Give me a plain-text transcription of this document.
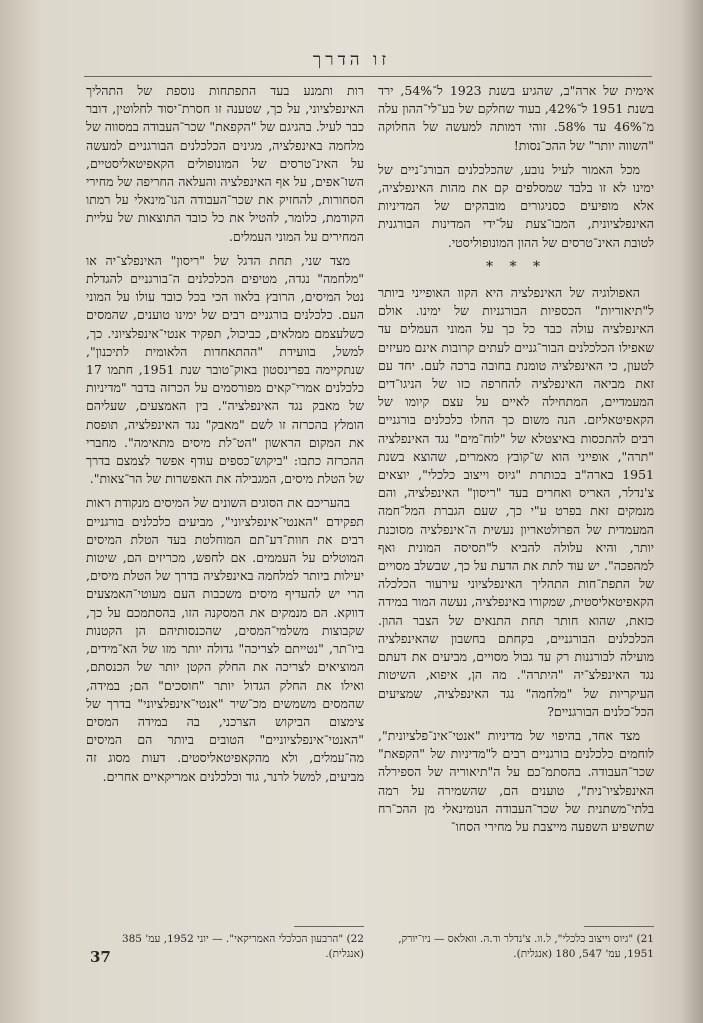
זו הדרך

אימית של ארה"ב, שהגיע בשנת 1923 ל־54%, ירד בשנת 1951 ל־42%, בעוד שחלקם של בע־לי־ההון עלה מ־46% עד 58%. זוהי דמותה למעשה של החלוקה "השווה יותר" של ההכ־נסות!

מכל האמור לעיל נובע, שהכלכלנים הבורג־ניים של ימינו לא זו בלבד שמסלפים קם את מהות האינפלציה, אלא מופיעים כסניגורים מובהקים של המדיניות האינפלציונית, המבו־צעת על־ידי המדינות הבורגנית לטובת האינ־טרסים של ההון המונופוליסטי.

* * *

האפולוגיה של האינפלציה היא הקוו האופייני ביותר ל"תיאוריות" הכספיות הבורגניות של ימינו. אולם האינפלציה עולה כבד כל כך על המוני העמלים עד שאפילו הכלכלנים הבור־גניים לעתים קרובות אינם מעיזים לטעון, כי האינפלציה טומנת בחובה ברכה לעם. יחד עם זאת מביאה האינפלציה להחרפה כזו של הניגו־דים המעמדיים, המתחילה לאיים על עצם קיומו של הקאפיטאליזם. הנה משום כך החלו כלכלנים בורגניים רבים להתכסות באיצטלא של "לוח־מים" נגד האינפלציה "תרה", אופייני הוא ש־קובץ מאמרים, שהוצא בשנת 1951 בארה"ב בכותרת "גיוס וייצוב כלכלי", יוצאים צ'נדלר, האריס ואחרים בעד "ריסון" האינפלציה, והם מנמקים זאת בפרט ע"י כך, שעם הגברת המל־חמה המעמדית של הפרולטאריון נעשית ה־אינפלציה מסוכנת יותר, והיא עלולה להביא ל"תסיסה המונית ואף למהפכה". יש עוד לתת את הדעת על כך, שבשלב מסויים של התפת־חות התהליך האינפלציוני עירעור הכלכלה הקאפיטאליסטית, שמקורו באינפלציה, נעשה המור במידה כזאת, שהוא חותר תחת התנאים של הצבר ההון. הכלכלנים הבורגניים, בקחתם בחשבון שהאינפלציה מועילה לבורגנות רק עד גבול מסויים, מביעים את דעתם נגד האינפלצ־יה "היתרה". מה הן, איפוא, השיטות העיקריות של "מלחמה" נגד האינפלציה, שמציעים הכל־כלנים הבורגניים?

מצד אחד, בהיפוי של מדיניות "אנטי־אינ־פלציונית", לוחמים כלכלנים בורגניים רבים ל"מדיניות של "הקפאת" שכר־העבודה. בהסתמ־כם על ה"תיאוריה של הספירלה האינפלציו־נית", טוענים הם, שהשמירה על רמה בלתי־משתנית של שכר־העבודה הנומינאלי מן ההכ־רח שתשפיע השפעה מייצבת על מחירי הסחו־

רות ותמנע בעד התפתחות נוספת של התהליך האינפלציוני, על כך, שטענה זו חסרת־יסוד לחלוטין, דובר כבר לעיל. בהגיגם של "הקפאת" שכר־העבודה במסווה של מלחמה באינפלציה, מגינים הכלכלנים הבורגניים למעשה על האינ־טרסים של המונופולים הקאפיטאליסטיים, השו־אפים, על אף האינפלציה והעלאה החריפה של מחירי הסחורות, להחזיק את שכר־העבודה הנו־מינאלי על רמתו הקודמת, כלומר, להטיל את כל כובד התוצאות של עליית המחירים על המוני העמלים.

מצד שני, תחת הדגל של "ריסון" האינפלצ־יה או "מלחמה" נגדה, מטיפים הכלכלנים ה־בורגניים להגדלת נטל המיסים, הרובץ בלאוו הכי בכל כובד עולו על המוני העם. כלכלנים בורגניים רבים של ימינו טוענים, שהמסים כשלעצמם ממלאים, כביכול, תפקיד אנטי־אינפלציוני. כך, למשל, בוועידת "ההתאחדות הלאומית לתיכנון", שנתקיימה בפרינסטון באוק־טובר שנת 1951, חתמו 17 כלכלנים אמרי־קאים מפורסמים על הכרזה בדבר "מדיניות של מאבק נגד האינפלציה". בין האמצעים, שעליהם הומלץ בהכרזה זו לשם "מאבק" נגד האינפלציה, תופסת את המקום הראשון "הט־לת מיסים מתאימה". מחברי ההכרזה כתבו: "ביקוש־כספים עודף אפשר לצמצם בדרך של הטלת מיסים, המגבילה את האפשרות של הר־צאות".

בהעריכם את הסוגים השונים של המיסים מנקודת ראות תפקידם "האנטי־אינפלציוני", מביעים כלכלנים בורגניים רבים את חוות־דע־תם המוחלטת בעד הטלת המיסים המוטלים על העממים. אם לחפש, מכריזים הם, שיטות יעילות ביותר למלחמה באינפלציה בדרך של הטלת מיסים, הרי יש להעדיף מיסים משכבות העם מעוטי־האמצעים דווקא. הם מנמקים את המסקנה הזו, בהסתמכם על כך, שקבוצות משלמי־המסים, שהכנסותיהם הן הקטנות ביו־תר, "נטייתם לצריכה" גדולה יותר מזו של הא־מידים, המוציאים לצריכה את החלק הקטן יותר של הכנסתם, ואילו את החלק הגדול יותר "חוסכים" הם; במידה, שהמסים משמשים מכ־שיר "אנטי־אינפלציוני" בדרך של צימצום הביקוש הצרכני, בה במידה המסים "האנטי־אינפלציוניים" הטובים ביותר הם המיסים מה־עמלים, ולא מהקאפיטאליסטים. דעות מסוג זה מביעים, למשל לרנר, גוד וכלכלנים אמריקאיים אחרים.

21) "גיוס וייצוב כלכלי", ל.וו. צ'נדלר וד.ה. וואלאס — ניו־יורק, 1951, עמ' 547, 180 (אנגלית).
22) "הרבעון הכלכלי האמריקאי". — יוני 1952, עמ' 385 (אנגלית).
37
